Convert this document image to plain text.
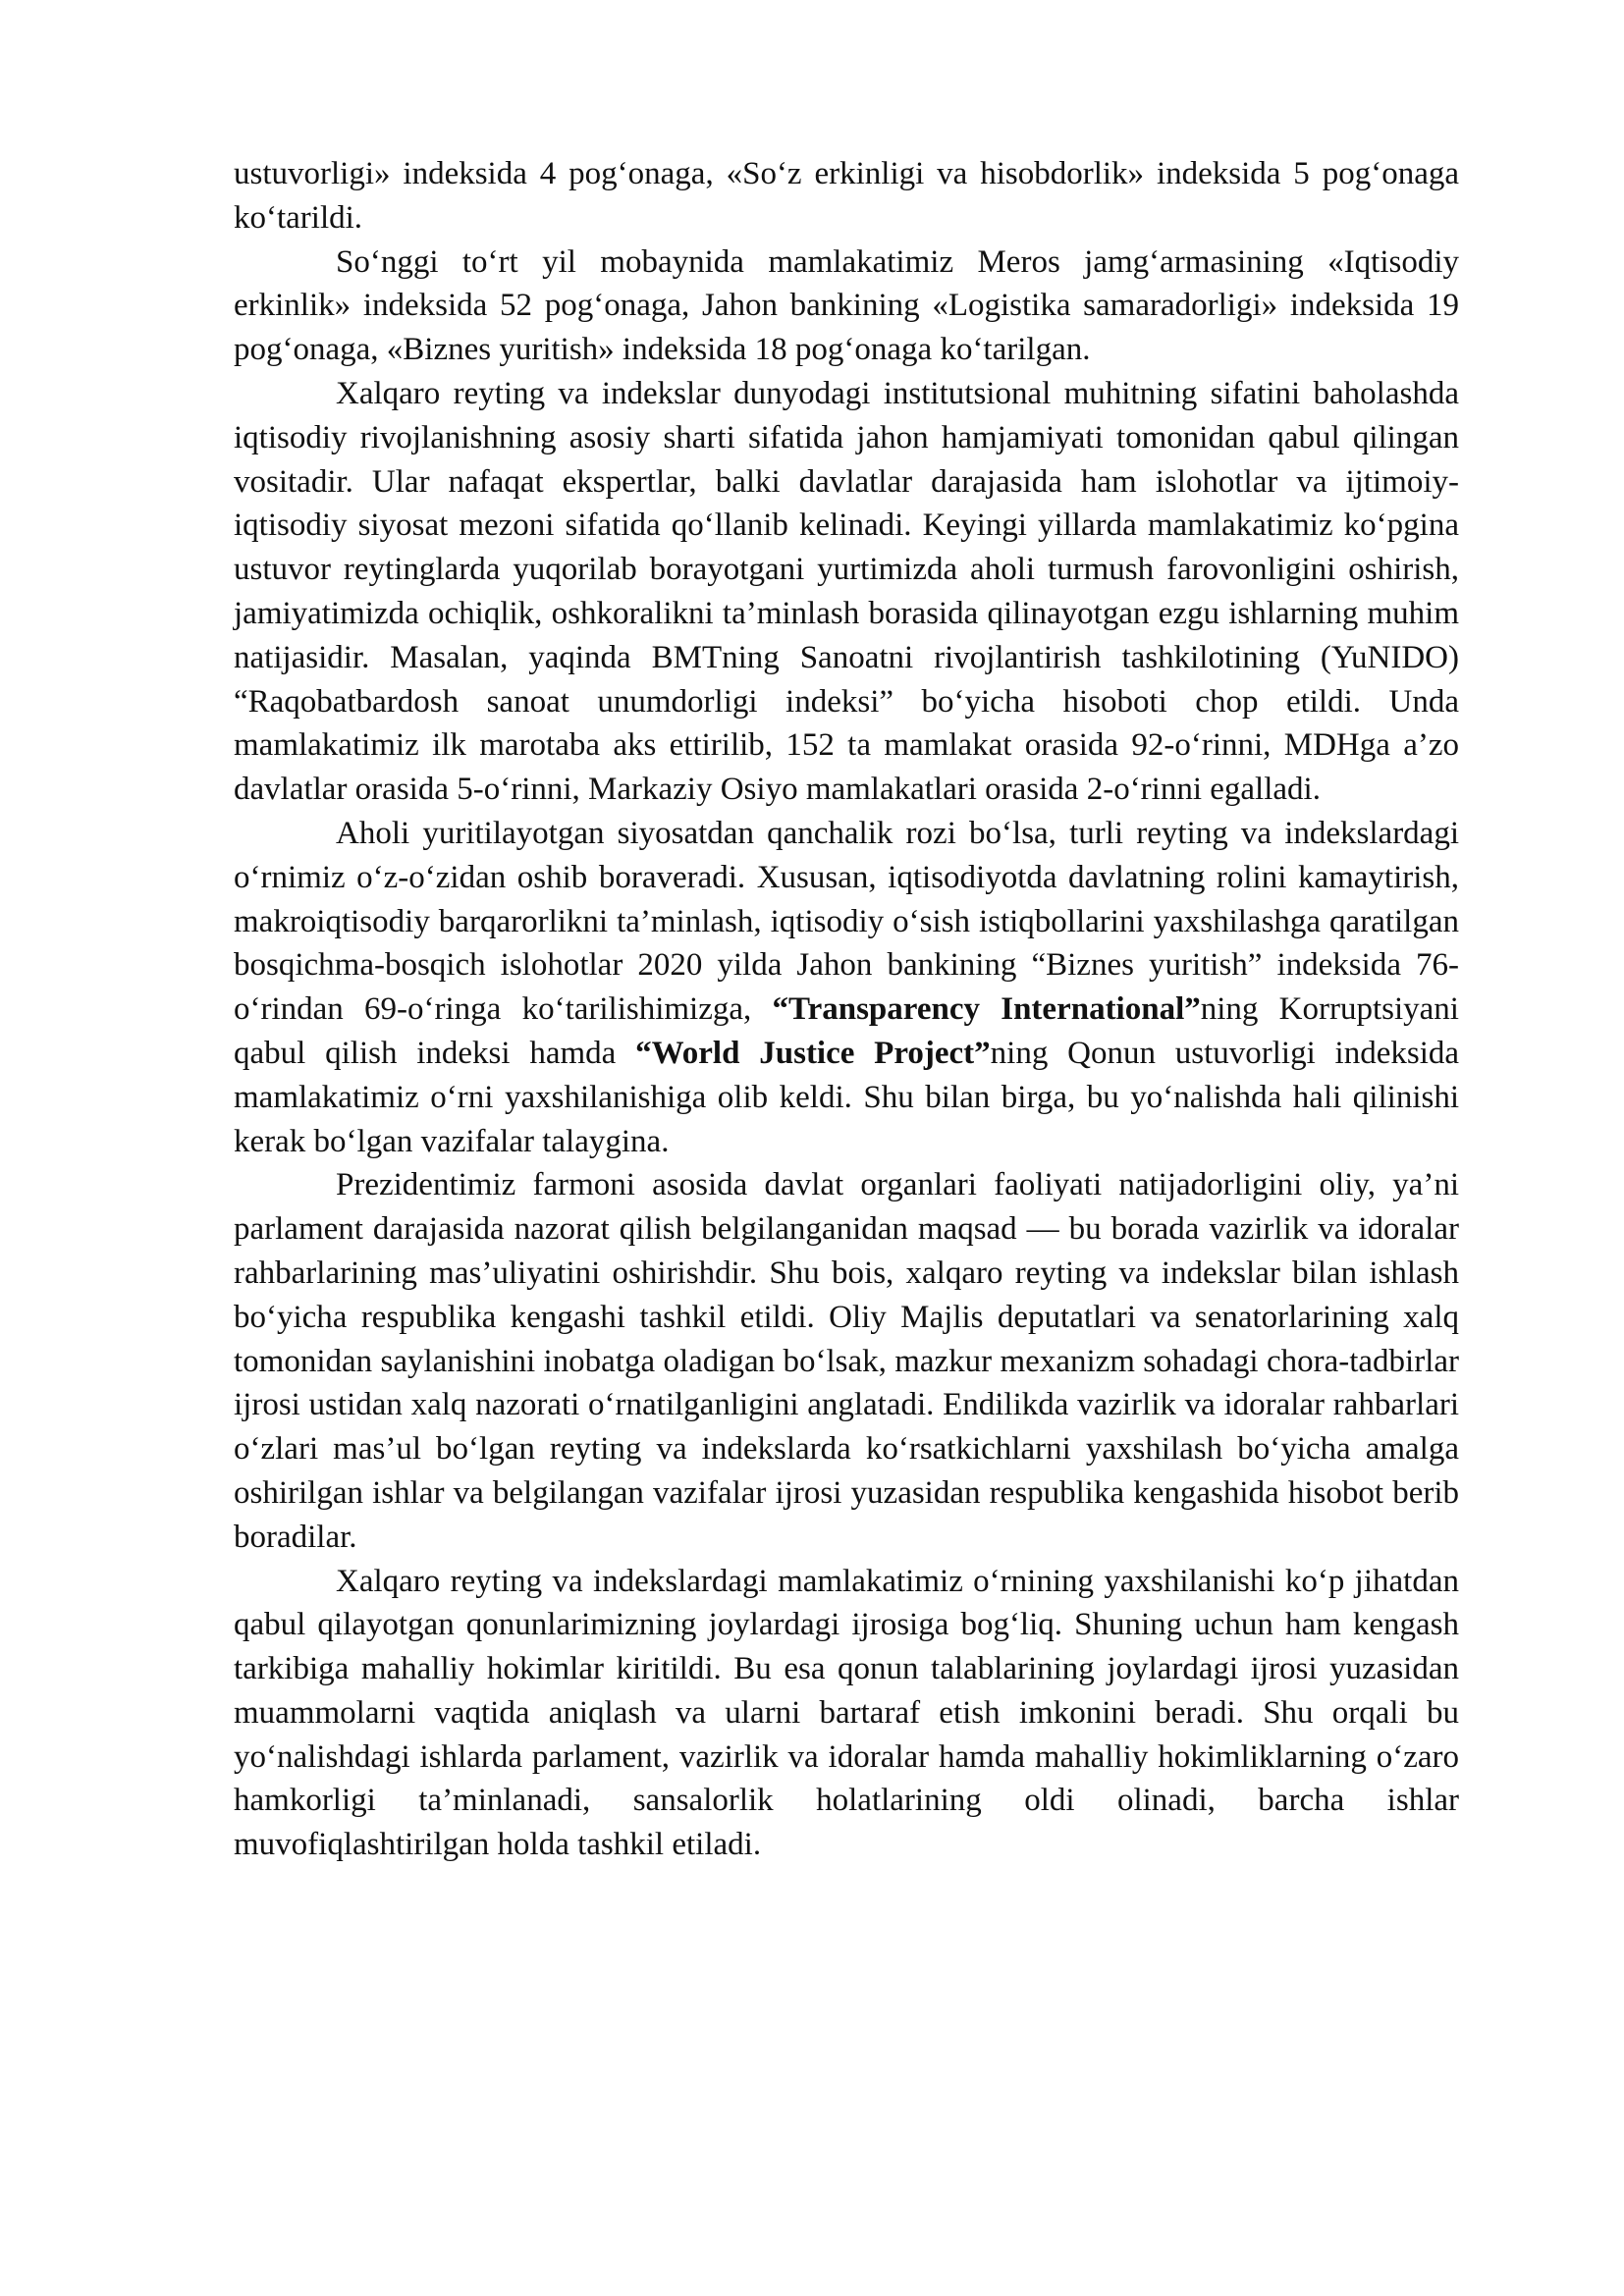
ustuvorligi» indeksida 4 pog‘onaga, «So‘z erkinligi va hisobdorlik» indeksida 5 pog‘onaga ko‘tarildi.

So‘nggi to‘rt yil mobaynida mamlakatimiz Meros jamg‘armasining «Iqtisodiy erkinlik» indeksida 52 pog‘onaga, Jahon bankining «Logistika samaradorligi» indeksida 19 pog‘onaga, «Biznes yuritish» indeksida 18 pog‘onaga ko‘tarilgan.

Xalqaro reyting va indekslar dunyodagi institutsional muhitning sifatini baholashda iqtisodiy rivojlanishning asosiy sharti sifatida jahon hamjamiyati tomonidan qabul qilingan vositadir. Ular nafaqat ekspertlar, balki davlatlar darajasida ham islohotlar va ijtimoiy-iqtisodiy siyosat mezoni sifatida qo‘llanib kelinadi. Keyingi yillarda mamlakatimiz ko‘pgina ustuvor reytinglarda yuqorilab borayotgani yurtimizda aholi turmush farovonligini oshirish, jamiyatimizda ochiqlik, oshkoralikni ta’minlash borasida qilinayotgan ezgu ishlarning muhim natijasidir. Masalan, yaqinda BMTning Sanoatni rivojlantirish tashkilotining (YuNIDO) “Raqobatbardosh sanoat unumdorligi indeksi” bo‘yicha hisoboti chop etildi. Unda mamlakatimiz ilk marotaba aks ettirilib, 152 ta mamlakat orasida 92-o‘rinni, MDHga a’zo davlatlar orasida 5-o‘rinni, Markaziy Osiyo mamlakatlari orasida 2-o‘rinni egalladi.

Aholi yuritilayotgan siyosatdan qanchalik rozi bo‘lsa, turli reyting va indekslardagi o‘rnimiz o‘z-o‘zidan oshib boraveradi. Xususan, iqtisodiyotda davlatning rolini kamaytirish, makroiqtisodiy barqarorlikni ta’minlash, iqtisodiy o‘sish istiqbollarini yaxshilashga qaratilgan bosqichma-bosqich islohotlar 2020 yilda Jahon bankining “Biznes yuritish” indeksida 76-o‘rindan 69-o‘ringa ko‘tarilishimizga, “Transparency International”ning Korruptsiyani qabul qilish indeksi hamda “World Justice Project”ning Qonun ustuvorligi indeksida mamlakatimiz o‘rni yaxshilanishiga olib keldi. Shu bilan birga, bu yo‘nalishda hali qilinishi kerak bo‘lgan vazifalar talaygina.

Prezidentimiz farmoni asosida davlat organlari faoliyati natijadorligini oliy, ya’ni parlament darajasida nazorat qilish belgilanganidan maqsad — bu borada vazirlik va idoralar rahbarlarining mas’uliyatini oshirishdir. Shu bois, xalqaro reyting va indekslar bilan ishlash bo‘yicha respublika kengashi tashkil etildi. Oliy Majlis deputatlari va senatorlarining xalq tomonidan saylanishini inobatga oladigan bo‘lsak, mazkur mexanizm sohadagi chora-tadbirlar ijrosi ustidan xalq nazorati o‘rnatilganligini anglatadi. Endilikda vazirlik va idoralar rahbarlari o‘zlari mas’ul bo‘lgan reyting va indekslarda ko‘rsatkichlarni yaxshilash bo‘yicha amalga oshirilgan ishlar va belgilangan vazifalar ijrosi yuzasidan respublika kengashida hisobot berib boradilar.

Xalqaro reyting va indekslardagi mamlakatimiz o‘rnining yaxshilanishi ko‘p jihatdan qabul qilayotgan qonunlarimizning joylardagi ijrosiga bog‘liq. Shuning uchun ham kengash tarkibiga mahalliy hokimlar kiritildi. Bu esa qonun talablarining joylardagi ijrosi yuzasidan muammolarni vaqtida aniqlash va ularni bartaraf etish imkonini beradi. Shu orqali bu yo‘nalishdagi ishlarda parlament, vazirlik va idoralar hamda mahalliy hokimliklarning o‘zaro hamkorligi ta’minlanadi, sansalorlik holatlarining oldi olinadi, barcha ishlar muvofiqlashtirilgan holda tashkil etiladi.
